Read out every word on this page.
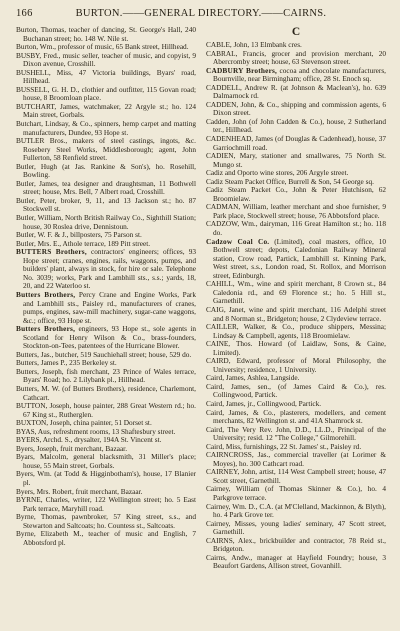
166	BURTON.——GENERAL DIRECTORY.——CAIRNS.

Burton, Thomas, teacher of dancing, St. George's Hall, 240 Buchanan street; ho. 148 W. Nile st.

Burton, Wm., professor of music, 65 Bank street, Hillhead.

BUSBY, Fred., music seller, teacher of music, and copyist, 9 Dixon avenue, Crosshill.

BUSHELL, Miss, 47 Victoria buildings, Byars' road, Hillhead.

BUSSELL, G. H. D., clothier and outfitter, 115 Govan road; house, 8 Broomloan place.

BUTCHART, James, watchmaker, 22 Argyle st.; ho. 124 Main street, Gorbals.

Butchart, Lindsay, & Co., spinners, hemp carpet and matting manufacturers, Dundee, 93 Hope st.

BUTLER Bros., makers of steel castings, ingots, &c. Rosebery Steel Works, Middlesborough; agent, John Fullerton, 58 Renfield street.

Butler, Hugh (at Jas. Rankine & Son's), ho. Rosehill, Bowling.

Butler, James, tea designer and draughtsman, 11 Bothwell street; house, Mrs. Bell, 7 Albert road, Crosshill.

Butler, Peter, broker, 9, 11, and 13 Jackson st.; ho. 87 Stockwell st.

Butler, William, North British Railway Co., Sighthill Station; house, 30 Roslea drive, Dennistoun.

Butler, W. F. & J., billposters, 75 Parson st.

Butler, Mrs. E., Athole terrace, 189 Pitt street.

BUTTERS Brothers, contractors' engineers; offices, 93 Hope street; cranes, engines, rails, waggons, pumps, and builders' plant, always in stock, for hire or sale. Telephone No. 3039; works, Park and Lambhill sts., s.s.; yards, 18, 20, and 22 Waterloo st.

Butters Brothers, Percy Crane and Engine Works, Park and Lambhill sts., Paisley rd., manufacturers of cranes, pumps, engines, saw-mill machinery, sugar-cane waggons, &c.; office, 93 Hope st.

Butters Brothers, engineers, 93 Hope st., sole agents in Scotland for Henry Wilson & Co., brass-founders, Stockton-on-Tees, patentees of the Hurricane Blower.

Butters, Jas., butcher, 519 Sauchiehall street; house, 529 do.

Butters, James P., 235 Berkeley st.

Butters, Joseph, fish merchant, 23 Prince of Wales terrace, Byars' Road; ho. 2 Lilybank pl., Hillhead.

Butters, M. W. (of Butters Brothers), residence, Charlemont, Cathcart.

BUTTON, Joseph, house painter, 288 Great Western rd.; ho. 67 King st., Rutherglen.

BUXTON, Joseph, china painter, 51 Dorset st.

BYAS, Aus, refreshment rooms, 13 Shaftesbury street.

BYERS, Archd. S., drysalter, 194A St. Vincent st.

Byers, Joseph, fruit merchant, Bazaar.

Byars, Malcolm, general blacksmith, 31 Miller's place; house, 55 Main street, Gorbals.

Byers, Wm. (at Todd & Higginbotham's), house, 17 Blanier pl.

Byers, Mrs. Robert, fruit merchant, Bazaar.

BYRNE, Charles, writer, 122 Wellington street; ho. 5 East Park terrace, Maryhill road.

Byrne, Thomas, pawnbroker, 57 King street, s.s., and Stewarton and Saltcoats; ho. Countess st., Saltcoats.

Byrne, Elizabeth M., teacher of music and English, 7 Abbotsford pl.

C

CABLE, John, 13 Elmbank cres.

CABRAL, Francis, grocer and provision merchant, 20 Abercromby street; house, 63 Stevenson street.

CADBURY Brothers, cocoa and chocolate manufacturers, Bournville, near Birmingham; office, 28 St. Enoch sq.

CADDELL, Andrew R. (at Johnson & Maclean's), ho. 639 Dalmarnock rd.

CADDEN, John, & Co., shipping and commission agents, 6 Dixon street.

Cadden, John (of John Cadden & Co.), house, 2 Sutherland ter., Hillhead.

CADENHEAD, James (of Douglas & Cadenhead), house, 37 Garriochmill road.

CADIEN, Mary, stationer and smallwares, 75 North St. Mungo st.

Cadiz and Oporto wine stores, 206 Argyle street.

Cadiz Steam Packet Office, Burrell & Son, 54 George sq.

Cadiz Steam Packet Co., John & Peter Hutchison, 62 Broomielaw.

CADMAN, William, leather merchant and shoe furnisher, 9 Park place, Stockwell street; house, 76 Abbotsford place.

CADZOW, Wm., dairyman, 116 Great Hamilton st.; ho. 118 do.

Cadzow Coal Co. (Limited), coal masters, office, 10 Bothwell street; depots, Caledonian Railway Mineral station, Crow road, Partick, Lambhill st. Kinning Park, West street, s.s., London road, St. Rollox, and Morrison street, Edinburgh.

CAHILL, Wm., wine and spirit merchant, 8 Crown st., 84 Caledonia rd., and 69 Florence st.; ho. 5 Hill st., Garnethill.

CAIG, Janet, wine and spirit merchant, 116 Adelphi street and 8 Norman st., Bridgeton; house, 2 Clydeview terrace.

CAILLER, Walker, & Co., produce shippers, Messina; Lindsay & Campbell, agents, 118 Broomielaw.

CAINE, Thos. Howard (of Laidlaw, Sons, & Caine, Limited).

CAIRD, Edward, professor of Moral Philosophy, the University; residence, 1 University.

Caird, James, Ashlea, Langside.

Caird, James, sen., (of James Caird & Co.), res. Collingwood, Partick.

Caird, James, jr., Collingwood, Partick.

Caird, James, & Co., plasterers, modellers, and cement merchants, 82 Wellington st. and 41A Shamrock st.

Caird, The Very Rev. John, D.D., LL.D., Principal of the University; resid. 12 "The College," Gilmorehill.

Caird, Miss, furnishings, 22 St. James' st., Paisley rd.

CAIRNCROSS, Jas., commercial traveller (at Lorimer & Moyes), ho. 300 Cathcart road.

CAIRNEY, John, artist, 114 West Campbell street; house, 47 Scott street, Garnethill.

Cairney, William (of Thomas Skinner & Co.), ho. 4 Parkgrove terrace.

Cairney, Wm. D., C.A. (at M'Clelland, Mackinnon, & Blyth), ho. 4 Park Grove ter.

Cairney, Misses, young ladies' seminary, 47 Scott street, Garnethill.

CAIRNS, Alex., brickbuilder and contractor, 78 Reid st., Bridgeton.

Cairns, Andw., manager at Hayfield Foundry; house, 3 Beaufort Gardens, Allison street, Govanhill.
